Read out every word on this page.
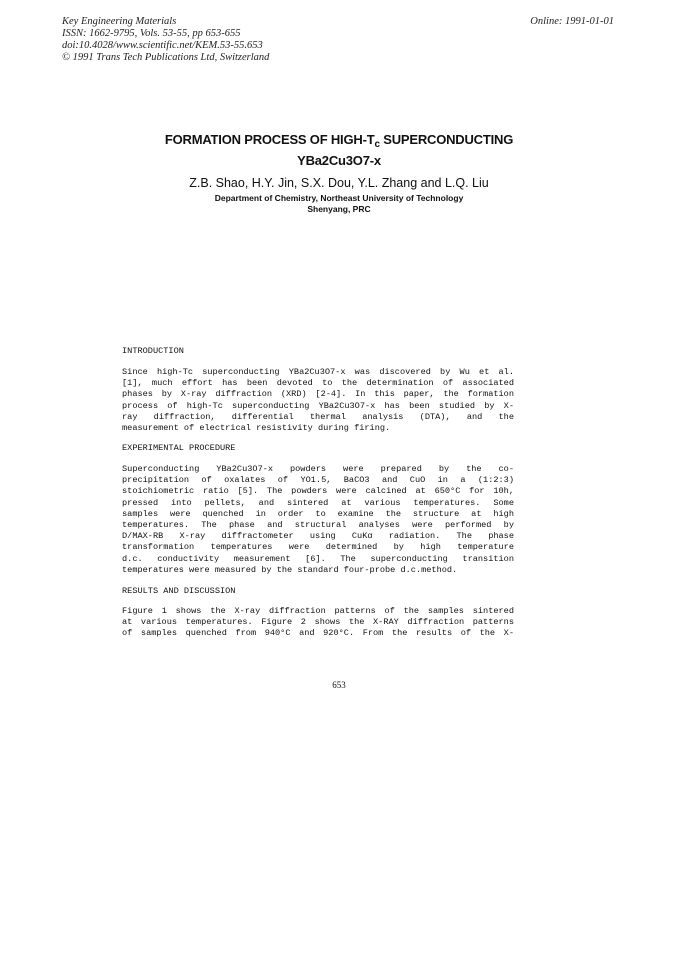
Key Engineering Materials
ISSN: 1662-9795, Vols. 53-55, pp 653-655
doi:10.4028/www.scientific.net/KEM.53-55.653
© 1991 Trans Tech Publications Ltd, Switzerland
Online: 1991-01-01
FORMATION PROCESS OF HIGH-$T_c$ SUPERCONDUCTING
YBa2Cu3O7-x
Z.B. Shao, H.Y. Jin, S.X. Dou, Y.L. Zhang and L.Q. Liu
Department of Chemistry, Northeast University of Technology
Shenyang, PRC
INTRODUCTION
Since high-Tc superconducting YBa2Cu3O7-x was discovered by Wu et al.
[1], much effort has been devoted to the determination of associated
phases by X-ray diffraction (XRD) [2-4]. In this paper, the formation
process of high-Tc superconducting YBa2Cu3O7-x has been studied by X-
ray diffraction, differential thermal analysis (DTA), and the
measurement of electrical resistivity during firing.
EXPERIMENTAL PROCEDURE
Superconducting YBa2Cu3O7-x powders were prepared by the co-
precipitation of oxalates of YO1.5, BaCO3 and CuO in a (1:2:3)
stoichiometric ratio [5]. The powders were calcined at 650°C for 10h,
pressed into pellets, and sintered at various temperatures. Some
samples were quenched in order to examine the structure at high
temperatures. The phase and structural analyses were performed by
D/MAX-RB X-ray diffractometer using CuKα radiation. The phase
transformation temperatures were determined by high temperature
d.c. conductivity measurement [6]. The superconducting transition
temperatures were measured by the standard four-probe d.c.method.
RESULTS AND DISCUSSION
Figure 1 shows the X-ray diffraction patterns of the samples sintered
at various temperatures. Figure 2 shows the X-RAY diffraction patterns
of samples quenched from 940°C and 920°C. From the results of the X-
653
